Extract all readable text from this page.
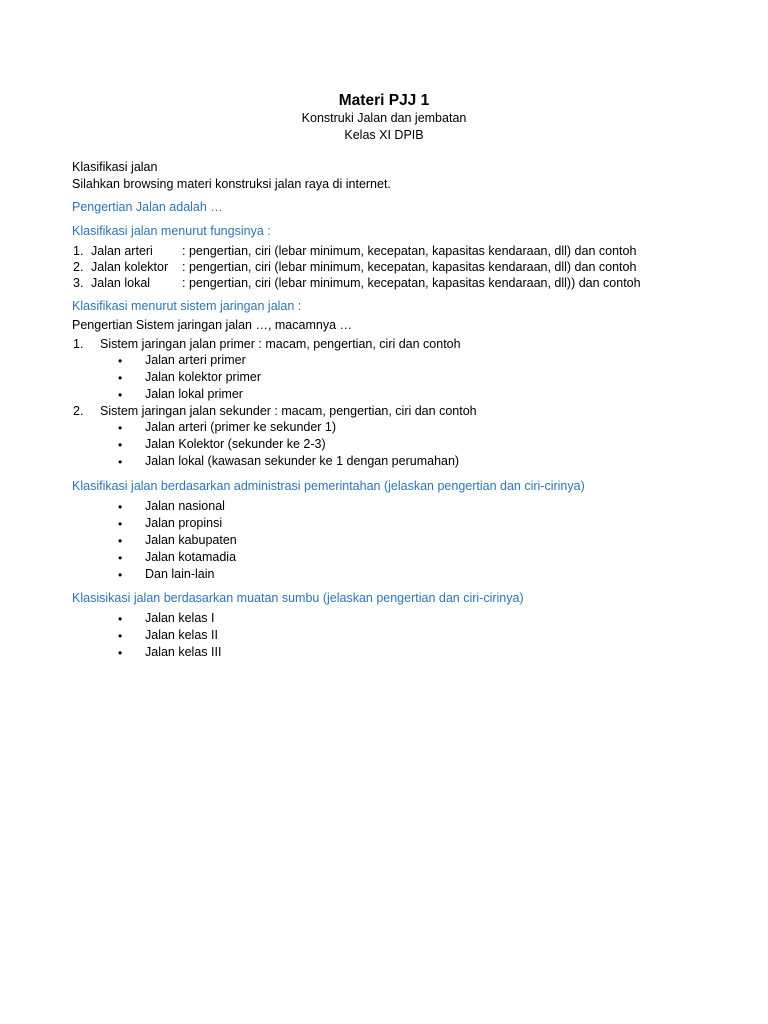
Materi PJJ 1
Konstruki Jalan dan jembatan
Kelas XI DPIB
Klasifikasi jalan
Silahkan browsing materi konstruksi jalan raya di internet.
Pengertian Jalan adalah …
Klasifikasi jalan menurut fungsinya :
1. Jalan arteri : pengertian, ciri (lebar minimum, kecepatan, kapasitas kendaraan, dll) dan contoh
2. Jalan kolektor : pengertian, ciri (lebar minimum, kecepatan, kapasitas kendaraan, dll) dan contoh
3. Jalan lokal	: pengertian, ciri (lebar minimum, kecepatan, kapasitas kendaraan, dll)) dan contoh
Klasifikasi menurut sistem jaringan jalan :
Pengertian Sistem jaringan jalan …, macamnya …
1. Sistem jaringan jalan primer : macam, pengertian, ciri dan contoh
• Jalan arteri primer
• Jalan kolektor primer
• Jalan lokal primer
2. Sistem jaringan jalan sekunder : macam, pengertian, ciri dan contoh
• Jalan arteri (primer ke sekunder 1)
• Jalan Kolektor (sekunder ke 2-3)
• Jalan lokal (kawasan sekunder ke 1 dengan perumahan)
Klasifikasi jalan berdasarkan administrasi pemerintahan (jelaskan pengertian dan ciri-cirinya)
• Jalan nasional
• Jalan propinsi
• Jalan kabupaten
• Jalan kotamadia
• Dan lain-lain
Klasisikasi jalan berdasarkan muatan sumbu (jelaskan pengertian dan ciri-cirinya)
• Jalan kelas I
• Jalan kelas II
• Jalan kelas III
